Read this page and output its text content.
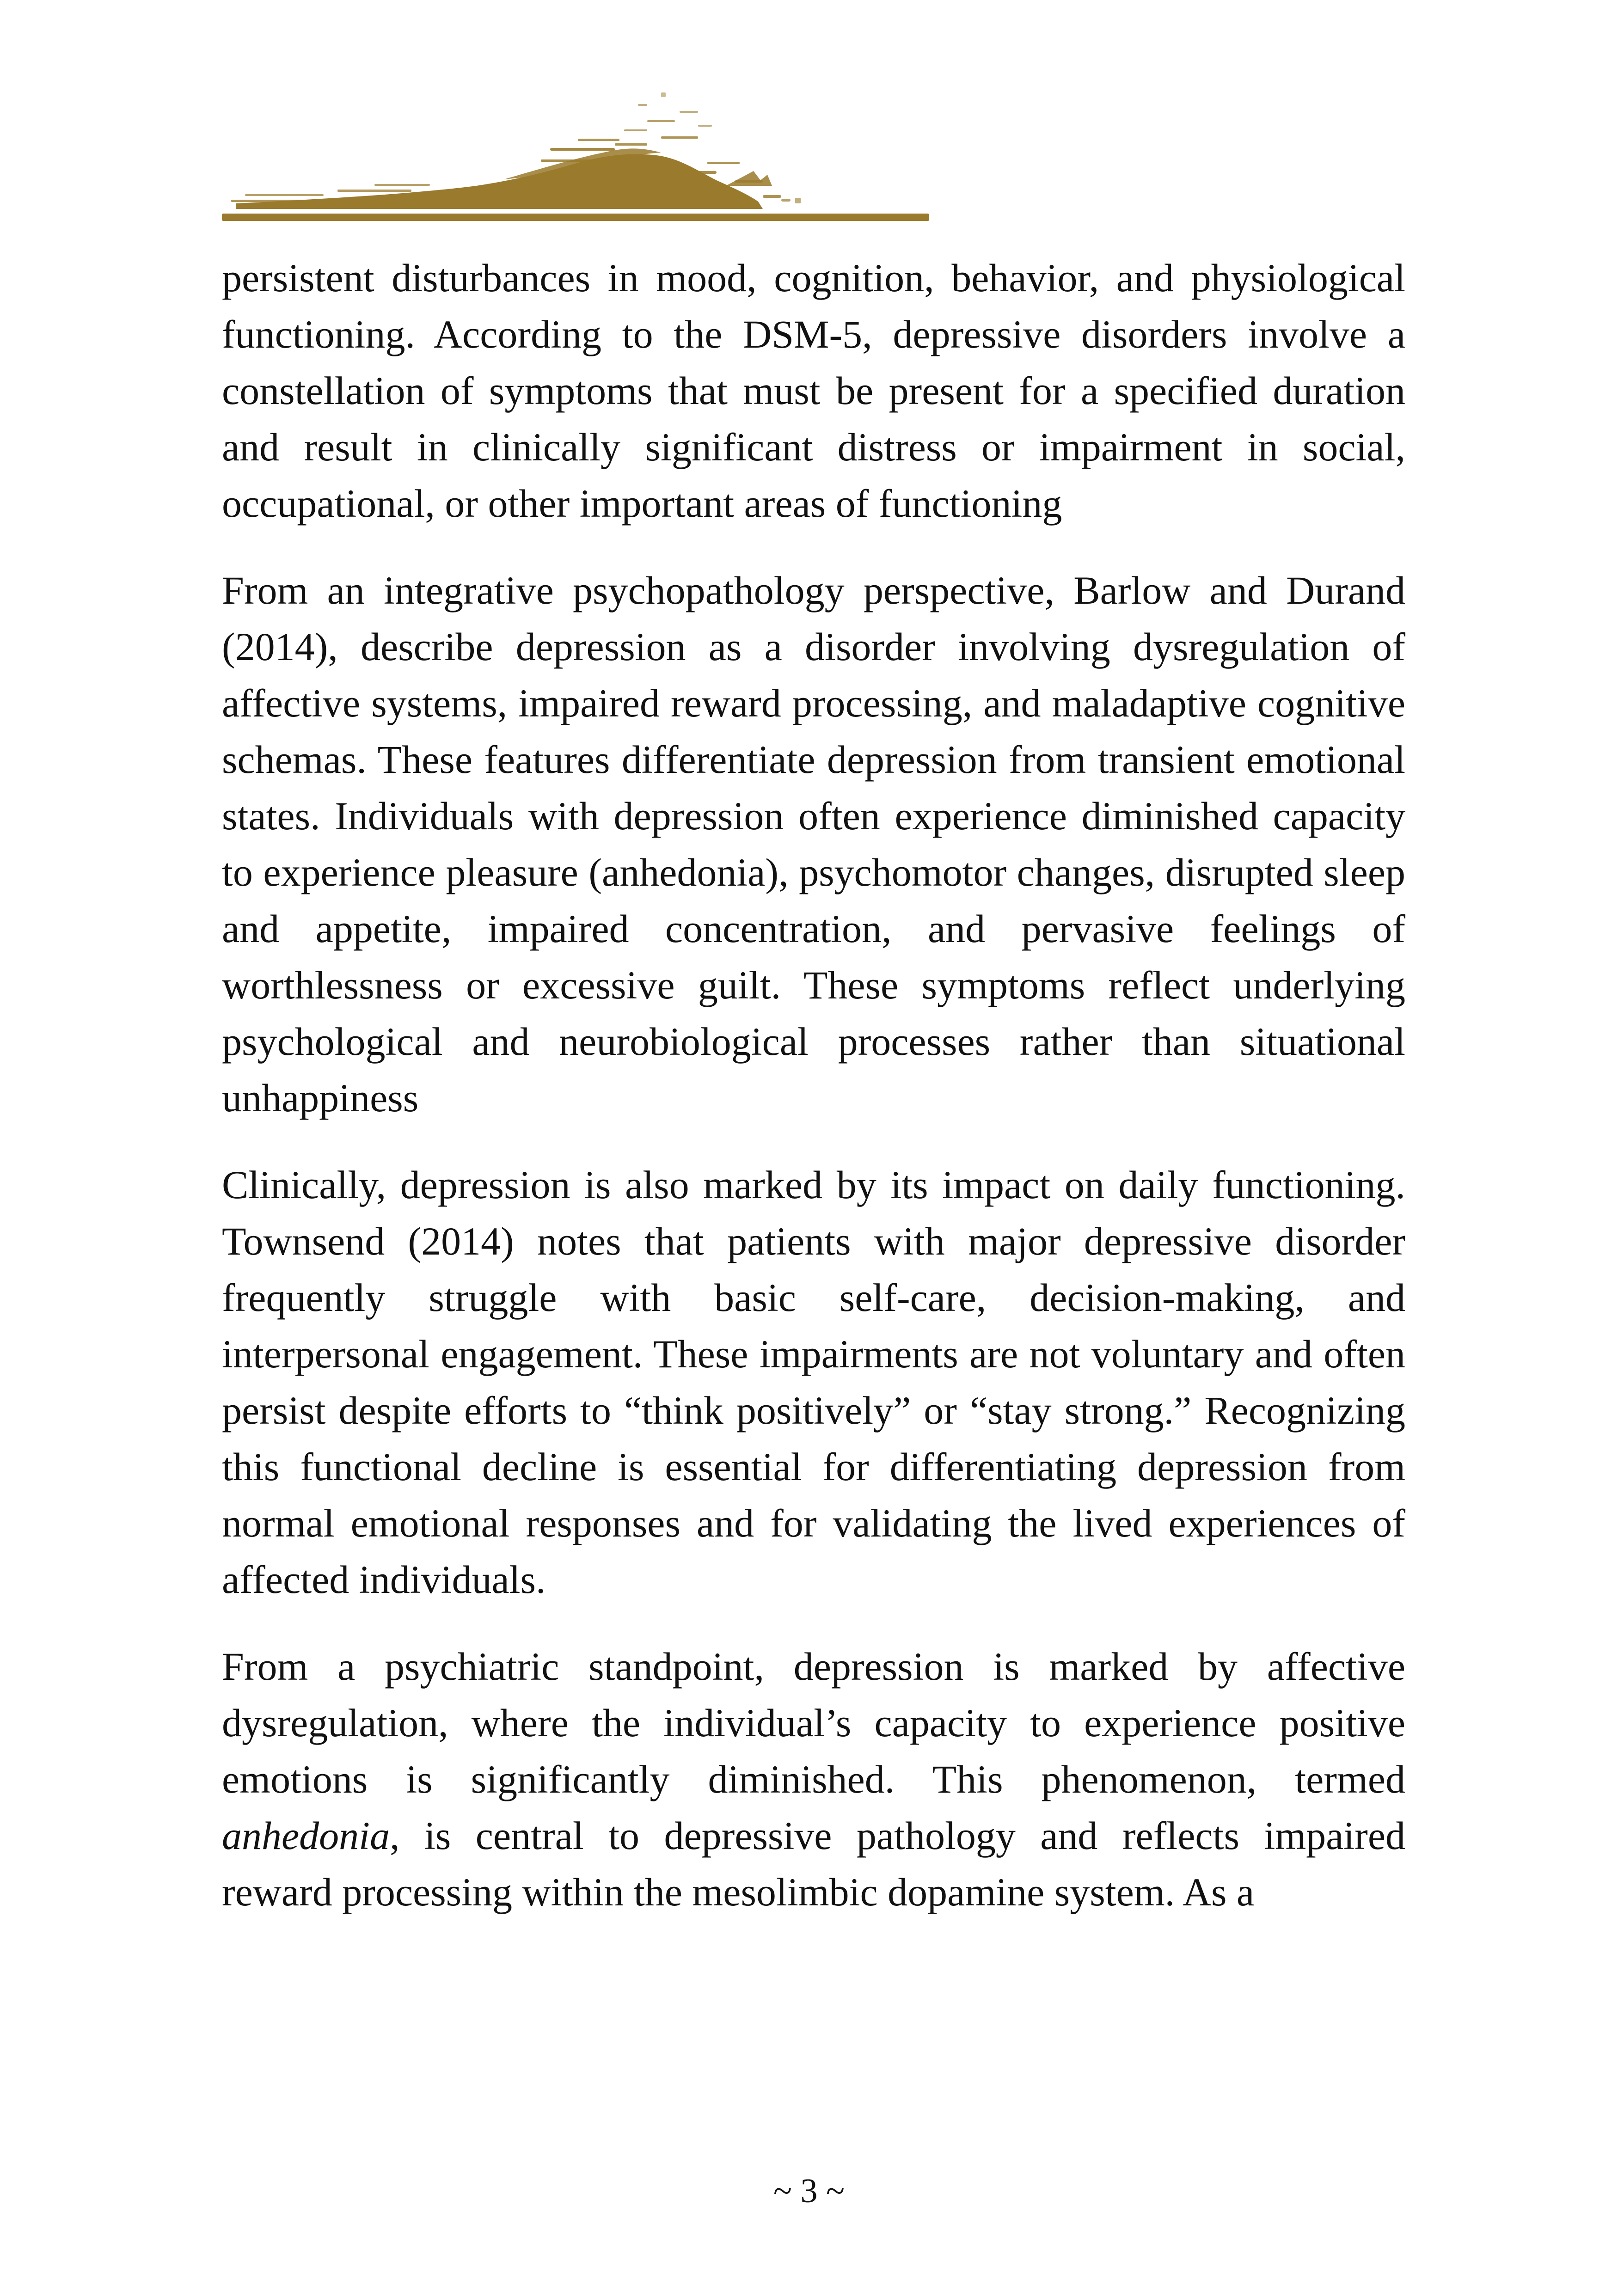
persistent disturbances in mood, cognition, behavior, and physiological functioning. According to the DSM-5, depressive disorders involve a constellation of symptoms that must be present for a specified duration and result in clinically significant distress or impairment in social, occupational, or other important areas of functioning

From an integrative psychopathology perspective, Barlow and Durand (2014), describe depression as a disorder involving dysregulation of affective systems, impaired reward processing, and maladaptive cognitive schemas. These features differentiate depression from transient emotional states. Individuals with depression often experience diminished capacity to experience pleasure (anhedonia), psychomotor changes, disrupted sleep and appetite, impaired concentration, and pervasive feelings of worthlessness or excessive guilt. These symptoms reflect underlying psychological and neurobiological processes rather than situational unhappiness

Clinically, depression is also marked by its impact on daily functioning. Townsend (2014) notes that patients with major depressive disorder frequently struggle with basic self-care, decision-making, and interpersonal engagement. These impairments are not voluntary and often persist despite efforts to “think positively” or “stay strong.” Recognizing this functional decline is essential for differentiating depression from normal emotional responses and for validating the lived experiences of affected individuals.

From a psychiatric standpoint, depression is marked by affective dysregulation, where the individual’s capacity to experience positive emotions is significantly diminished. This phenomenon, termed anhedonia, is central to depressive pathology and reflects impaired reward processing within the mesolimbic dopamine system. As a

~ 3 ~
